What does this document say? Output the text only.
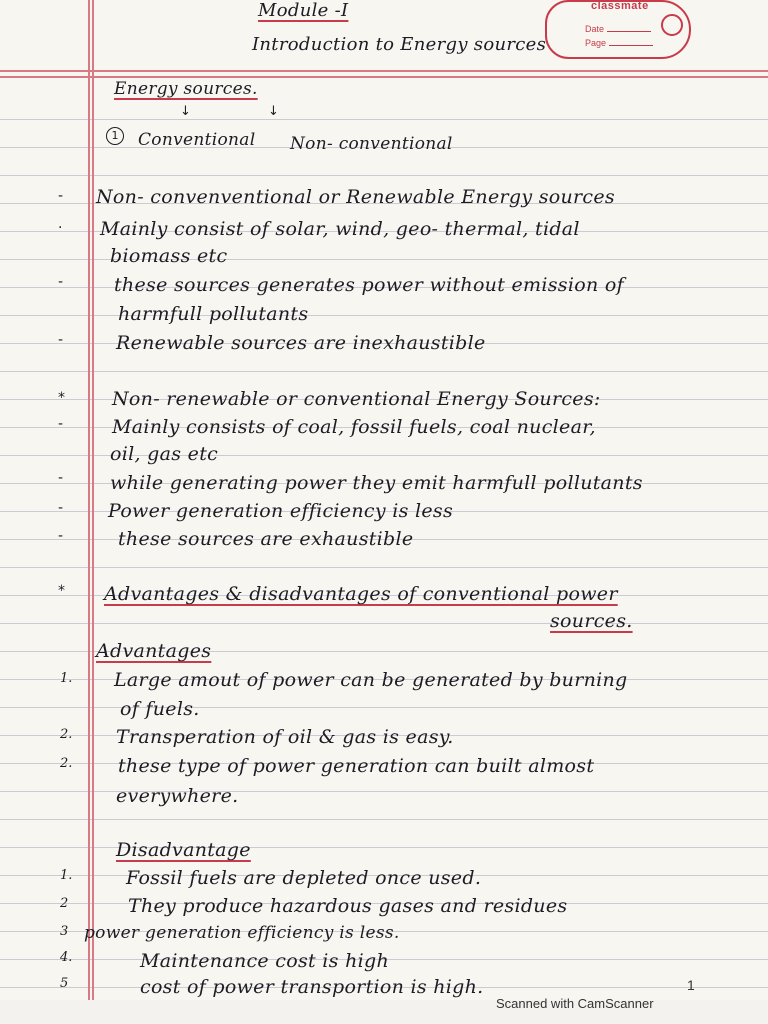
classmate
Date
Page
Module -I
Introduction to Energy sources
Energy sources.
↓	↓
1	Conventional Non- conventional
- Non- convenventional or Renewable Energy sources
· Mainly consist of solar, wind, geo- thermal, tidal
biomass etc
-	these sources generates power without emission of
harmfull pollutants
-	Renewable sources are inexhaustible
* Non- renewable or conventional Energy Sources:
-	Mainly consists of coal, fossil fuels, coal nuclear,
oil, gas etc
- while generating power they emit harmfull pollutants
- Power generation efficiency is less
-	these sources are exhaustible
* Advantages & disadvantages of conventional power
sources.
Advantages
1. Large amout of power can be generated by burning
of fuels.
2. Transperation of oil & gas is easy.
2. these type of power generation can built almost
everywhere.
Disadvantage
1.	Fossil fuels are depleted once used.
2	They produce hazardous gases and residues
3 power generation efficiency is less.
4.	Maintenance cost is high
5	cost of power transportion is high.	1
Scanned with CamScanner
